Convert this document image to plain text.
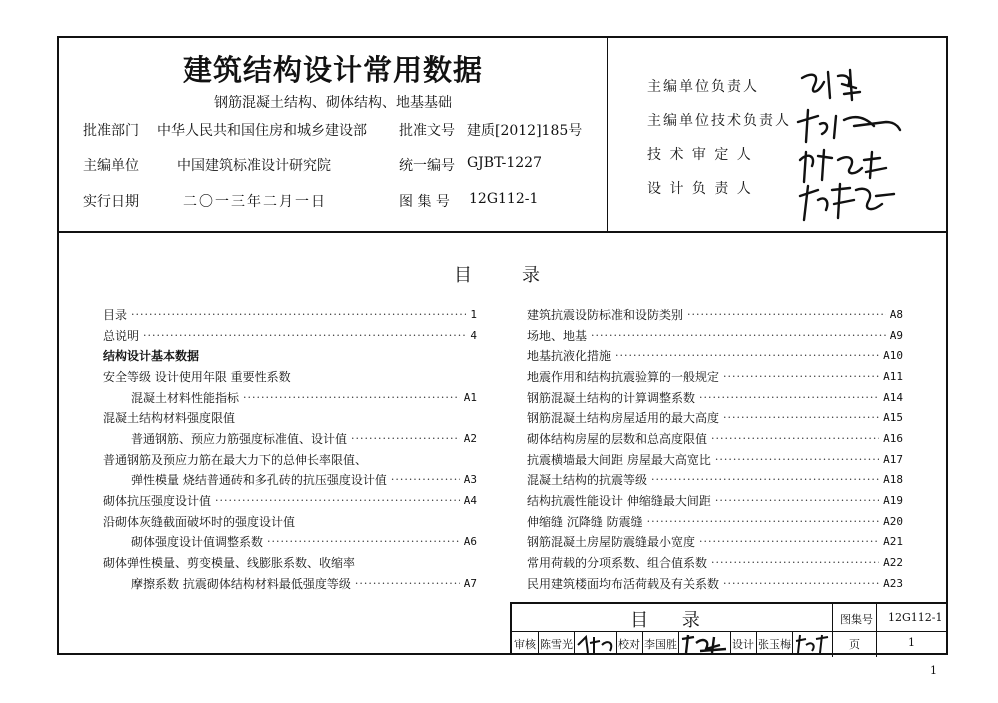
建筑结构设计常用数据
钢筋混凝土结构、砌体结构、地基基础
批准部门 中华人民共和国住房和城乡建设部 批准文号 建质[2012]185号
主编单位	中国建筑标准设计研究院	统一编号 GJBT-1227
实行日期	二〇一三年二月一日	图 集 号 12G112-1
主编单位负责人
主编单位技术负责人
技 术 审 定 人
设 计 负 责 人
目录
目录 ·····	1
总说明 ·····	4
结构设计基本数据
安全等级 设计使用年限 重要性系数
混凝土材料性能指标 ·····	A1
混凝土结构材料强度限值
普通钢筋、预应力筋强度标准值、设计值 ·····	A2
普通钢筋及预应力筋在最大力下的总伸长率限值、
弹性模量 烧结普通砖和多孔砖的抗压强度设计值 ·····	A3
砌体抗压强度设计值 ·····	A4
沿砌体灰缝截面破坏时的强度设计值
砌体强度设计值调整系数 ·····	A6
砌体弹性模量、剪变模量、线膨胀系数、收缩率
摩擦系数 抗震砌体结构材料最低强度等级 ·····	A7
建筑抗震设防标准和设防类别 ·····	A8
场地、地基 ·····	A9
地基抗液化措施 ·····	A10
地震作用和结构抗震验算的一般规定 ·····	A11
钢筋混凝土结构的计算调整系数 ·····	A14
钢筋混凝土结构房屋适用的最大高度 ·····	A15
砌体结构房屋的层数和总高度限值 ·····	A16
抗震横墙最大间距 房屋最大高宽比 ·····	A17
混凝土结构的抗震等级 ·····	A18
结构抗震性能设计 伸缩缝最大间距 ·····	A19
伸缩缝 沉降缝 防震缝 ·····	A20
钢筋混凝土房屋防震缝最小宽度 ·····	A21
常用荷载的分项系数、组合值系数 ·····	A22
民用建筑楼面均布活荷载及有关系数 ·····	A23
目 录	图集号 12G112-1
审核 陈雪光	校对 李国胜	设计 张玉梅	页	1
1
